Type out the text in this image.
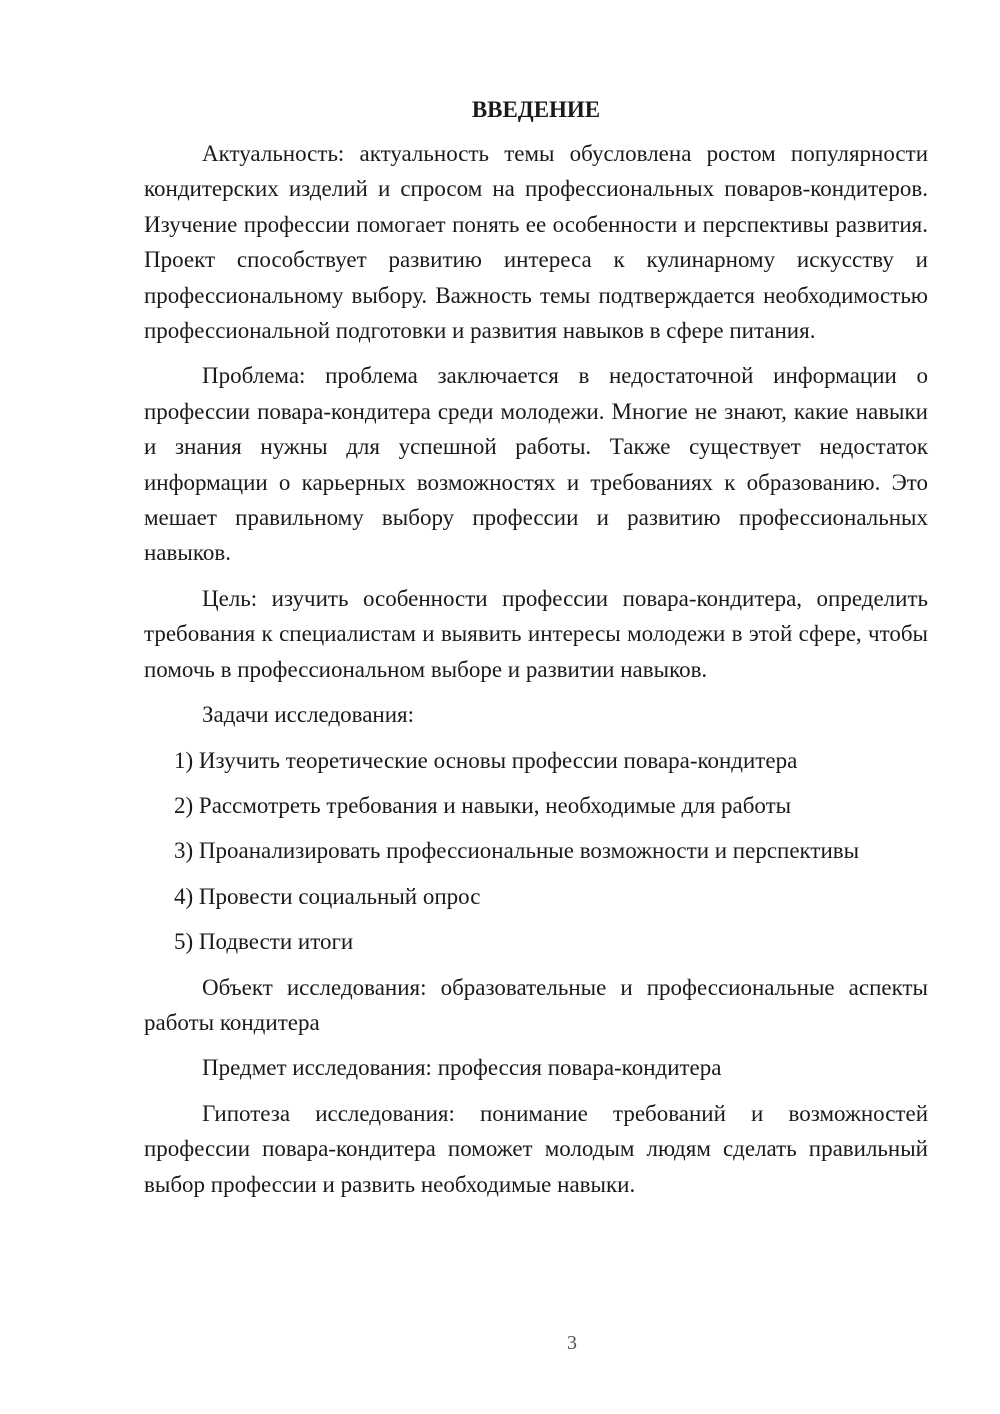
ВВЕДЕНИЕ

Актуальность: актуальность темы обусловлена ростом популярности кондитерских изделий и спросом на профессиональных поваров-кондитеров. Изучение профессии помогает понять ее особенности и перспективы развития. Проект способствует развитию интереса к кулинарному искусству и профессиональному выбору. Важность темы подтверждается необходимостью профессиональной подготовки и развития навыков в сфере питания.

Проблема: проблема заключается в недостаточной информации о профессии повара-кондитера среди молодежи. Многие не знают, какие навыки и знания нужны для успешной работы. Также существует недостаток информации о карьерных возможностях и требованиях к образованию. Это мешает правильному выбору профессии и развитию профессиональных навыков.

Цель: изучить особенности профессии повара-кондитера, определить требования к специалистам и выявить интересы молодежи в этой сфере, чтобы помочь в профессиональном выборе и развитии навыков.

Задачи исследования:

1) Изучить теоретические основы профессии повара-кондитера
2) Рассмотреть требования и навыки, необходимые для работы
3) Проанализировать профессиональные возможности и перспективы
4) Провести социальный опрос
5) Подвести итоги

Объект исследования: образовательные и профессиональные аспекты работы кондитера

Предмет исследования: профессия повара-кондитера

Гипотеза исследования: понимание требований и возможностей профессии повара-кондитера поможет молодым людям сделать правильный выбор профессии и развить необходимые навыки.

3
